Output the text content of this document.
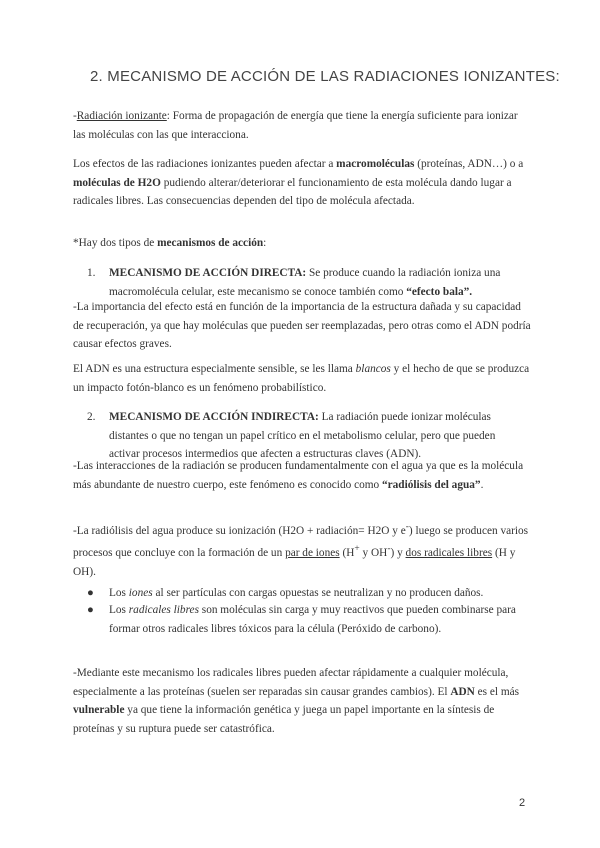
2. MECANISMO DE ACCIÓN DE LAS RADIACIONES IONIZANTES:

-Radiación ionizante: Forma de propagación de energía que tiene la energía suficiente para ionizar las moléculas con las que interacciona.

Los efectos de las radiaciones ionizantes pueden afectar a macromoléculas (proteínas, ADN…) o a moléculas de H2O pudiendo alterar/deteriorar el funcionamiento de esta molécula dando lugar a radicales libres. Las consecuencias dependen del tipo de molécula afectada.

*Hay dos tipos de mecanismos de acción:

1. MECANISMO DE ACCIÓN DIRECTA: Se produce cuando la radiación ioniza una macromolécula celular, este mecanismo se conoce también como “efecto bala”.

-La importancia del efecto está en función de la importancia de la estructura dañada y su capacidad de recuperación, ya que hay moléculas que pueden ser reemplazadas, pero otras como el ADN podría causar efectos graves.

El ADN es una estructura especialmente sensible, se les llama blancos y el hecho de que se produzca un impacto fotón-blanco es un fenómeno probabilístico.

2. MECANISMO DE ACCIÓN INDIRECTA: La radiación puede ionizar moléculas distantes o que no tengan un papel crítico en el metabolismo celular, pero que pueden activar procesos intermedios que afecten a estructuras claves (ADN).

-Las interacciones de la radiación se producen fundamentalmente con el agua ya que es la molécula más abundante de nuestro cuerpo, este fenómeno es conocido como “radiólisis del agua”.

-La radiólisis del agua produce su ionización (H2O + radiación= H2O y e-) luego se producen varios procesos que concluye con la formación de un par de iones (H+ y OH-) y dos radicales libres (H y OH).

● Los iones al ser partículas con cargas opuestas se neutralizan y no producen daños.
● Los radicales libres son moléculas sin carga y muy reactivos que pueden combinarse para formar otros radicales libres tóxicos para la célula (Peróxido de carbono).

-Mediante este mecanismo los radicales libres pueden afectar rápidamente a cualquier molécula, especialmente a las proteínas (suelen ser reparadas sin causar grandes cambios). El ADN es el más vulnerable ya que tiene la información genética y juega un papel importante en la síntesis de proteínas y su ruptura puede ser catastrófica.

2
